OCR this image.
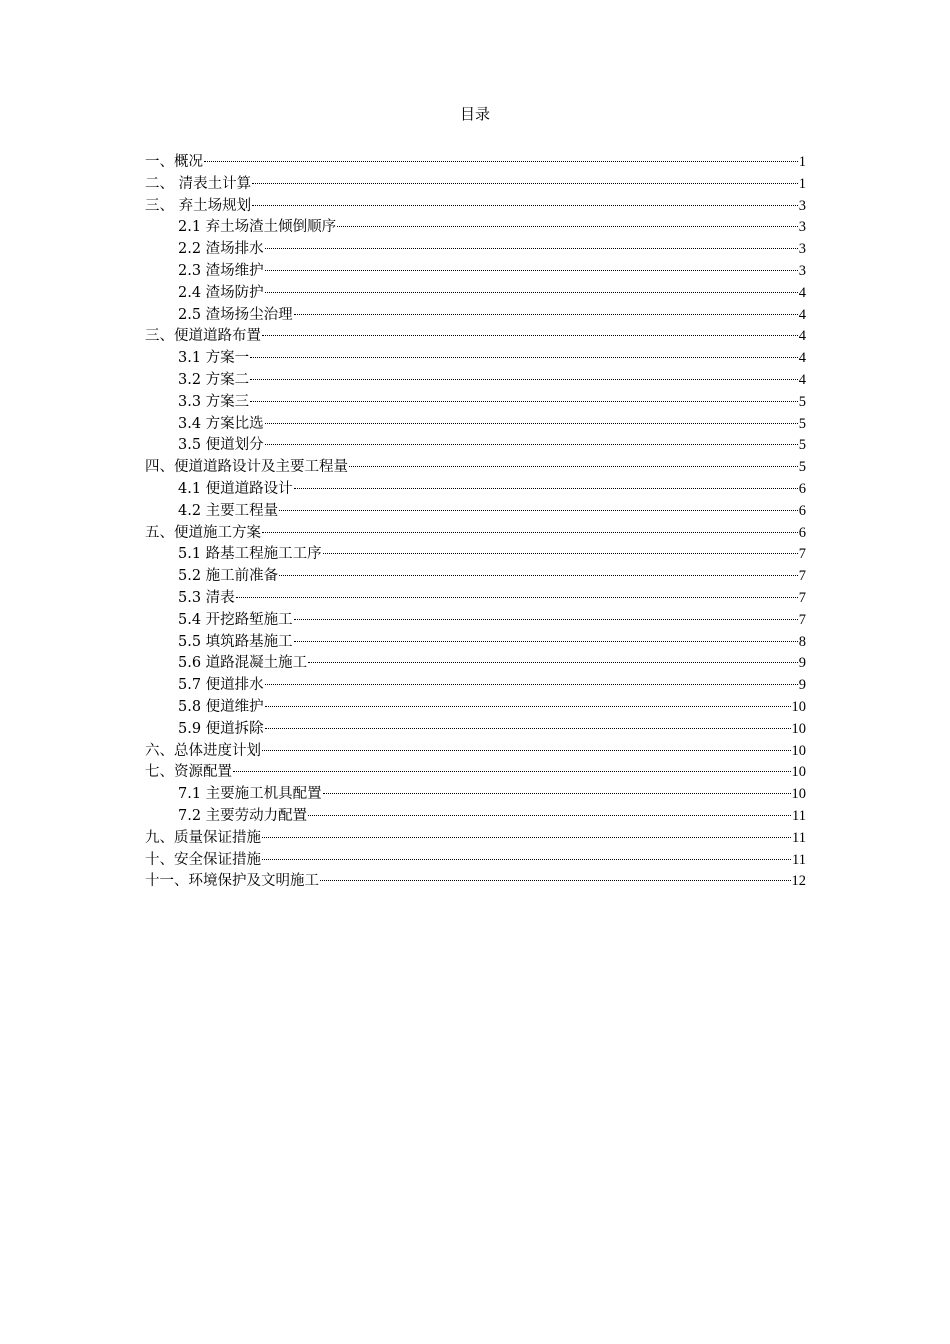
目录
一、概况	1
二、 清表土计算	1
三、 弃土场规划	3
2.1 弃土场渣土倾倒顺序	3
2.2 渣场排水	3
2.3 渣场维护	3
2.4 渣场防护	4
2.5 渣场扬尘治理	4
三、便道道路布置	4
3.1 方案一	4
3.2 方案二	4
3.3 方案三	5
3.4 方案比选	5
3.5 便道划分	5
四、便道道路设计及主要工程量	5
4.1 便道道路设计	6
4.2 主要工程量	6
五、便道施工方案	6
5.1 路基工程施工工序	7
5.2 施工前准备	7
5.3 清表	7
5.4 开挖路堑施工	7
5.5 填筑路基施工	8
5.6 道路混凝土施工	9
5.7 便道排水	9
5.8 便道维护	10
5.9 便道拆除	10
六、总体进度计划	10
七、资源配置	10
7.1 主要施工机具配置	10
7.2 主要劳动力配置	11
九、质量保证措施	11
十、安全保证措施	11
十一、环境保护及文明施工	12
